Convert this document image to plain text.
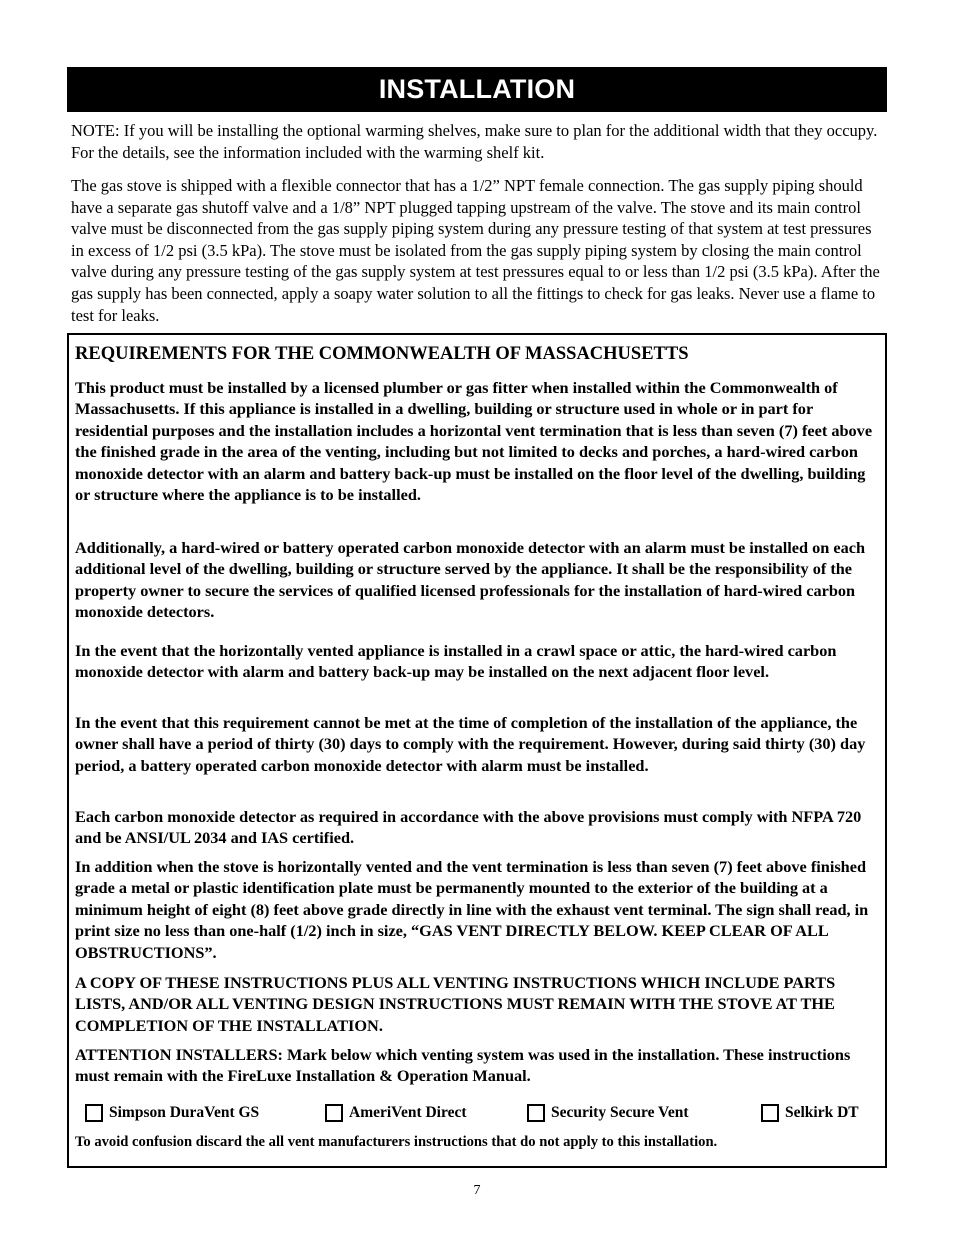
INSTALLATION

NOTE: If you will be installing the optional warming shelves, make sure to plan for the additional width that they occupy. For the details, see the information included with the warming shelf kit.

The gas stove is shipped with a flexible connector that has a 1/2” NPT female connection. The gas supply piping should have a separate gas shutoff valve and a 1/8” NPT plugged tapping upstream of the valve. The stove and its main control valve must be disconnected from the gas supply piping system during any pressure testing of that system at test pressures in excess of 1/2 psi (3.5 kPa). The stove must be isolated from the gas supply piping system by closing the main control valve during any pressure testing of the gas supply system at test pressures equal to or less than 1/2 psi (3.5 kPa). After the gas supply has been connected, apply a soapy water solution to all the fittings to check for gas leaks. Never use a flame to test for leaks.

REQUIREMENTS FOR THE COMMONWEALTH OF MASSACHUSETTS

This product must be installed by a licensed plumber or gas fitter when installed within the Commonwealth of Massachusetts. If this appliance is installed in a dwelling, building or structure used in whole or in part for residential purposes and the installation includes a horizontal vent termination that is less than seven (7) feet above the finished grade in the area of the venting, including but not limited to decks and porches, a hard-wired carbon monoxide detector with an alarm and battery back-up must be installed on the floor level of the dwelling, building or structure where the appliance is to be installed.

Additionally, a hard-wired or battery operated carbon monoxide detector with an alarm must be installed on each additional level of the dwelling, building or structure served by the appliance. It shall be the responsibility of the property owner to secure the services of qualified licensed professionals for the installation of hard-wired carbon monoxide detectors.

In the event that the horizontally vented appliance is installed in a crawl space or attic, the hard-wired carbon monoxide detector with alarm and battery back-up may be installed on the next adjacent floor level.

In the event that this requirement cannot be met at the time of completion of the installation of the appliance, the owner shall have a period of thirty (30) days to comply with the requirement. However, during said thirty (30) day period, a battery operated carbon monoxide detector with alarm must be installed.

Each carbon monoxide detector as required in accordance with the above provisions must comply with NFPA 720 and be ANSI/UL 2034 and IAS certified.

In addition when the stove is horizontally vented and the vent termination is less than seven (7) feet above finished grade a metal or plastic identification plate must be permanently mounted to the exterior of the building at a minimum height of eight (8) feet above grade directly in line with the exhaust vent terminal. The sign shall read, in print size no less than one-half (1/2) inch in size, “GAS VENT DIRECTLY BELOW. KEEP CLEAR OF ALL OBSTRUCTIONS”.

A COPY OF THESE INSTRUCTIONS PLUS ALL VENTING INSTRUCTIONS WHICH INCLUDE PARTS LISTS, AND/OR ALL VENTING DESIGN INSTRUCTIONS MUST REMAIN WITH THE STOVE AT THE COMPLETION OF THE INSTALLATION.

ATTENTION INSTALLERS: Mark below which venting system was used in the installation. These instructions must remain with the FireLuxe Installation & Operation Manual.

Simpson DuraVent GS	AmeriVent Direct	Security Secure Vent	Selkirk DT

To avoid confusion discard the all vent manufacturers instructions that do not apply to this installation.

7
